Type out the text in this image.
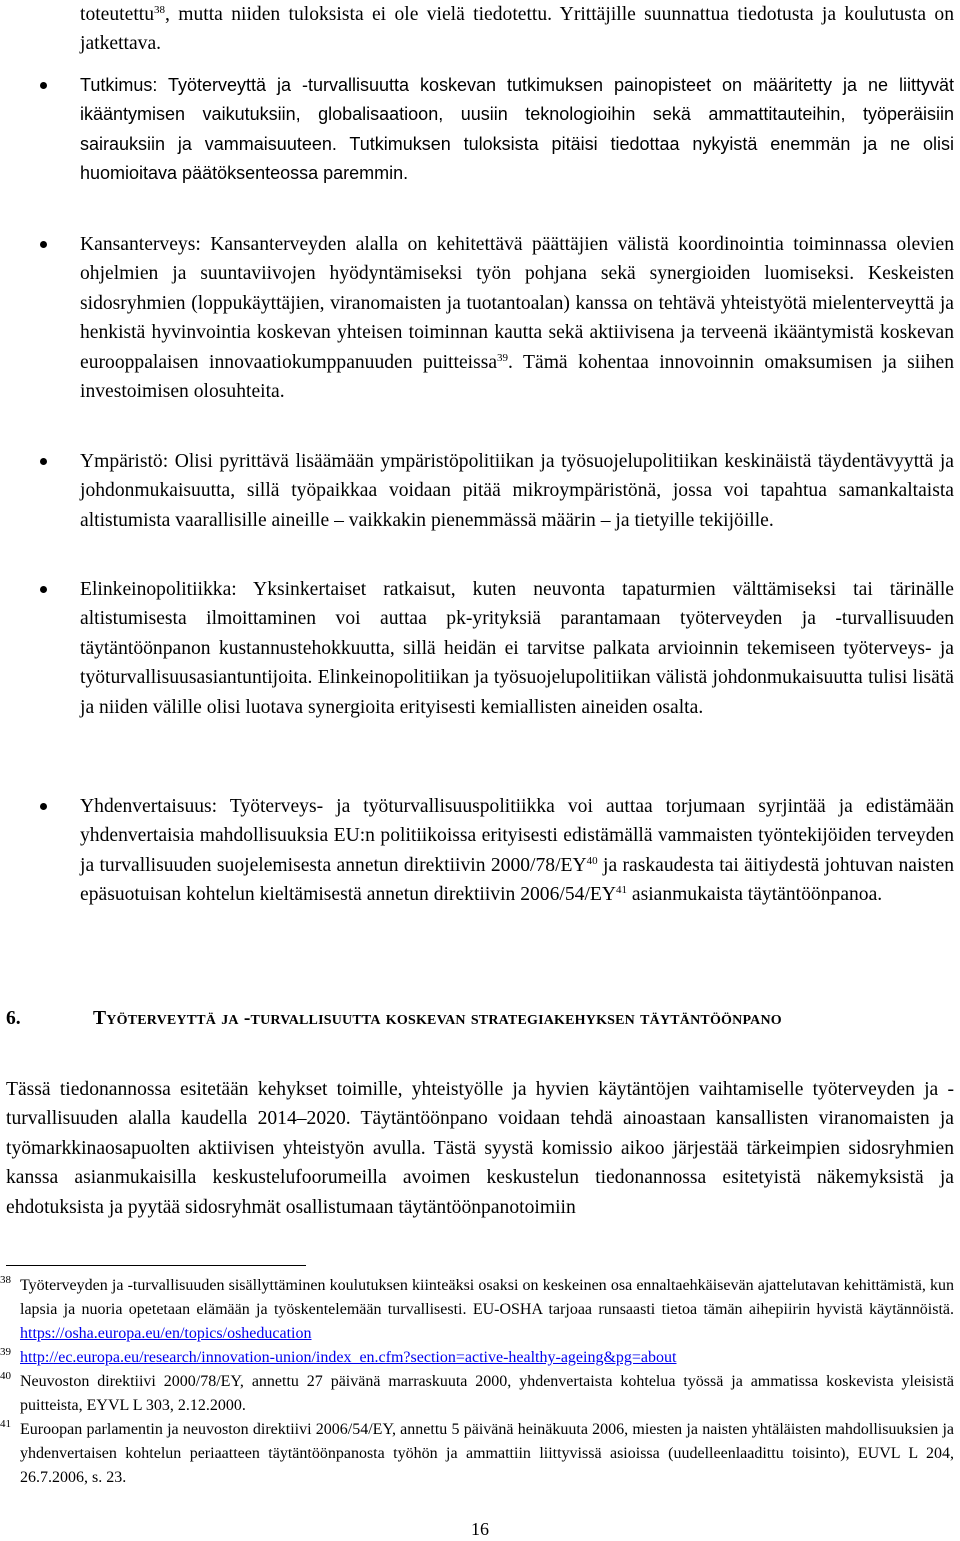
toteutettu$^{38}$, mutta niiden tuloksista ei ole vielä tiedotettu. Yrittäjille suunnattua tiedotusta ja koulutusta on jatkettava.

Tutkimus: Työterveyttä ja -turvallisuutta koskevan tutkimuksen painopisteet on määritetty ja ne liittyvät ikääntymisen vaikutuksiin, globalisaatioon, uusiin teknologioihin sekä ammattitauteihin, työperäisiin sairauksiin ja vammaisuuteen. Tutkimuksen tuloksista pitäisi tiedottaa nykyistä enemmän ja ne olisi huomioitava päätöksenteossa paremmin.

Kansanterveys: Kansanterveyden alalla on kehitettävä päättäjien välistä koordinointia toiminnassa olevien ohjelmien ja suuntaviivojen hyödyntämiseksi työn pohjana sekä synergioiden luomiseksi. Keskeisten sidosryhmien (loppukäyttäjien, viranomaisten ja tuotantoalan) kanssa on tehtävä yhteistyötä mielenterveyttä ja henkistä hyvinvointia koskevan yhteisen toiminnan kautta sekä aktiivisena ja terveenä ikääntymistä koskevan eurooppalaisen innovaatiokumppanuuden puitteissa$^{39}$. Tämä kohentaa innovoinnin omaksumisen ja siihen investoimisen olosuhteita.

Ympäristö: Olisi pyrittävä lisäämään ympäristöpolitiikan ja työsuojelupolitiikan keskinäistä täydentävyyttä ja johdonmukaisuutta, sillä työpaikkaa voidaan pitää mikroympäristönä, jossa voi tapahtua samankaltaista altistumista vaarallisille aineille – vaikkakin pienemmässä määrin – ja tietyille tekijöille.

Elinkeinopolitiikka: Yksinkertaiset ratkaisut, kuten neuvonta tapaturmien välttämiseksi tai tärinälle altistumisesta ilmoittaminen voi auttaa pk-yrityksiä parantamaan työterveyden ja -turvallisuuden täytäntöönpanon kustannustehokkuutta, sillä heidän ei tarvitse palkata arvioinnin tekemiseen työterveys- ja työturvallisuusasiantuntijoita. Elinkeinopolitiikan ja työsuojelupolitiikan välistä johdonmukaisuutta tulisi lisätä ja niiden välille olisi luotava synergioita erityisesti kemiallisten aineiden osalta.

Yhdenvertaisuus: Työterveys- ja työturvallisuuspolitiikka voi auttaa torjumaan syrjintää ja edistämään yhdenvertaisia mahdollisuuksia EU:n politiikoissa erityisesti edistämällä vammaisten työntekijöiden terveyden ja turvallisuuden suojelemisesta annetun direktiivin 2000/78/EY$^{40}$ ja raskaudesta tai äitiydestä johtuvan naisten epäsuotuisan kohtelun kieltämisestä annetun direktiivin 2006/54/EY$^{41}$ asianmukaista täytäntöönpanoa.

6.	Työterveyttä ja -turvallisuutta koskevan strategiakehyksen täytäntöönpano

Tässä tiedonannossa esitetään kehykset toimille, yhteistyölle ja hyvien käytäntöjen vaihtamiselle työterveyden ja -turvallisuuden alalla kaudella 2014–2020. Täytäntöönpano voidaan tehdä ainoastaan kansallisten viranomaisten ja työmarkkinaosapuolten aktiivisen yhteistyön avulla. Tästä syystä komissio aikoo järjestää tärkeimpien sidosryhmien kanssa asianmukaisilla keskustelufoorumeilla avoimen keskustelun tiedonannossa esitetyistä näkemyksistä ja ehdotuksista ja pyytää sidosryhmät osallistumaan täytäntöönpanotoimiin

38 Työterveyden ja -turvallisuuden sisällyttäminen koulutuksen kiinteäksi osaksi on keskeinen osa ennaltaehkäisevän ajattelutavan kehittämistä, kun lapsia ja nuoria opetetaan elämään ja työskentelemään turvallisesti. EU-OSHA tarjoaa runsaasti tietoa tämän aihepiirin hyvistä käytännöistä. https://osha.europa.eu/en/topics/osheducation
39 http://ec.europa.eu/research/innovation-union/index_en.cfm?section=active-healthy-ageing&pg=about
40 Neuvoston direktiivi 2000/78/EY, annettu 27 päivänä marraskuuta 2000, yhdenvertaista kohtelua työssä ja ammatissa koskevista yleisistä puitteista, EYVL L 303, 2.12.2000.
41 Euroopan parlamentin ja neuvoston direktiivi 2006/54/EY, annettu 5 päivänä heinäkuuta 2006, miesten ja naisten yhtäläisten mahdollisuuksien ja yhdenvertaisen kohtelun periaatteen täytäntöönpanosta työhön ja ammattiin liittyvissä asioissa (uudelleenlaadittu toisinto), EUVL L 204, 26.7.2006, s. 23.
16
